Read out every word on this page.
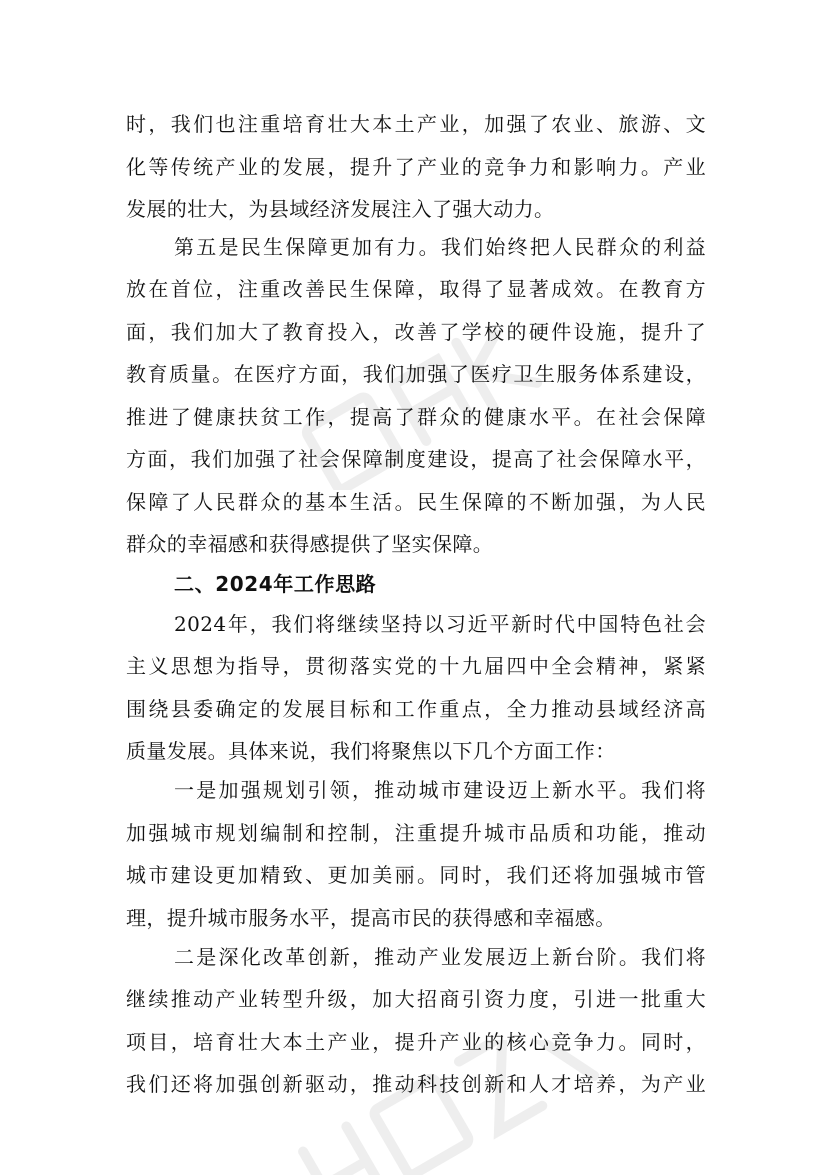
时，我们也注重培育壮大本土产业，加强了农业、旅游、文
化等传统产业的发展，提升了产业的竞争力和影响力。产业
发展的壮大，为县域经济发展注入了强大动力。
第五是民生保障更加有力。我们始终把人民群众的利益
放在首位，注重改善民生保障，取得了显著成效。在教育方
面，我们加大了教育投入，改善了学校的硬件设施，提升了
教育质量。在医疗方面，我们加强了医疗卫生服务体系建设，
推进了健康扶贫工作，提高了群众的健康水平。在社会保障
方面，我们加强了社会保障制度建设，提高了社会保障水平，
保障了人民群众的基本生活。民生保障的不断加强，为人民
群众的幸福感和获得感提供了坚实保障。
二、2024年工作思路
2024年，我们将继续坚持以习近平新时代中国特色社会
主义思想为指导，贯彻落实党的十九届四中全会精神，紧紧
围绕县委确定的发展目标和工作重点，全力推动县域经济高
质量发展。具体来说，我们将聚焦以下几个方面工作：
一是加强规划引领，推动城市建设迈上新水平。我们将
加强城市规划编制和控制，注重提升城市品质和功能，推动
城市建设更加精致、更加美丽。同时，我们还将加强城市管
理，提升城市服务水平，提高市民的获得感和幸福感。
二是深化改革创新，推动产业发展迈上新台阶。我们将
继续推动产业转型升级，加大招商引资力度，引进一批重大
项目，培育壮大本土产业，提升产业的核心竞争力。同时，
我们还将加强创新驱动，推动科技创新和人才培养，为产业
